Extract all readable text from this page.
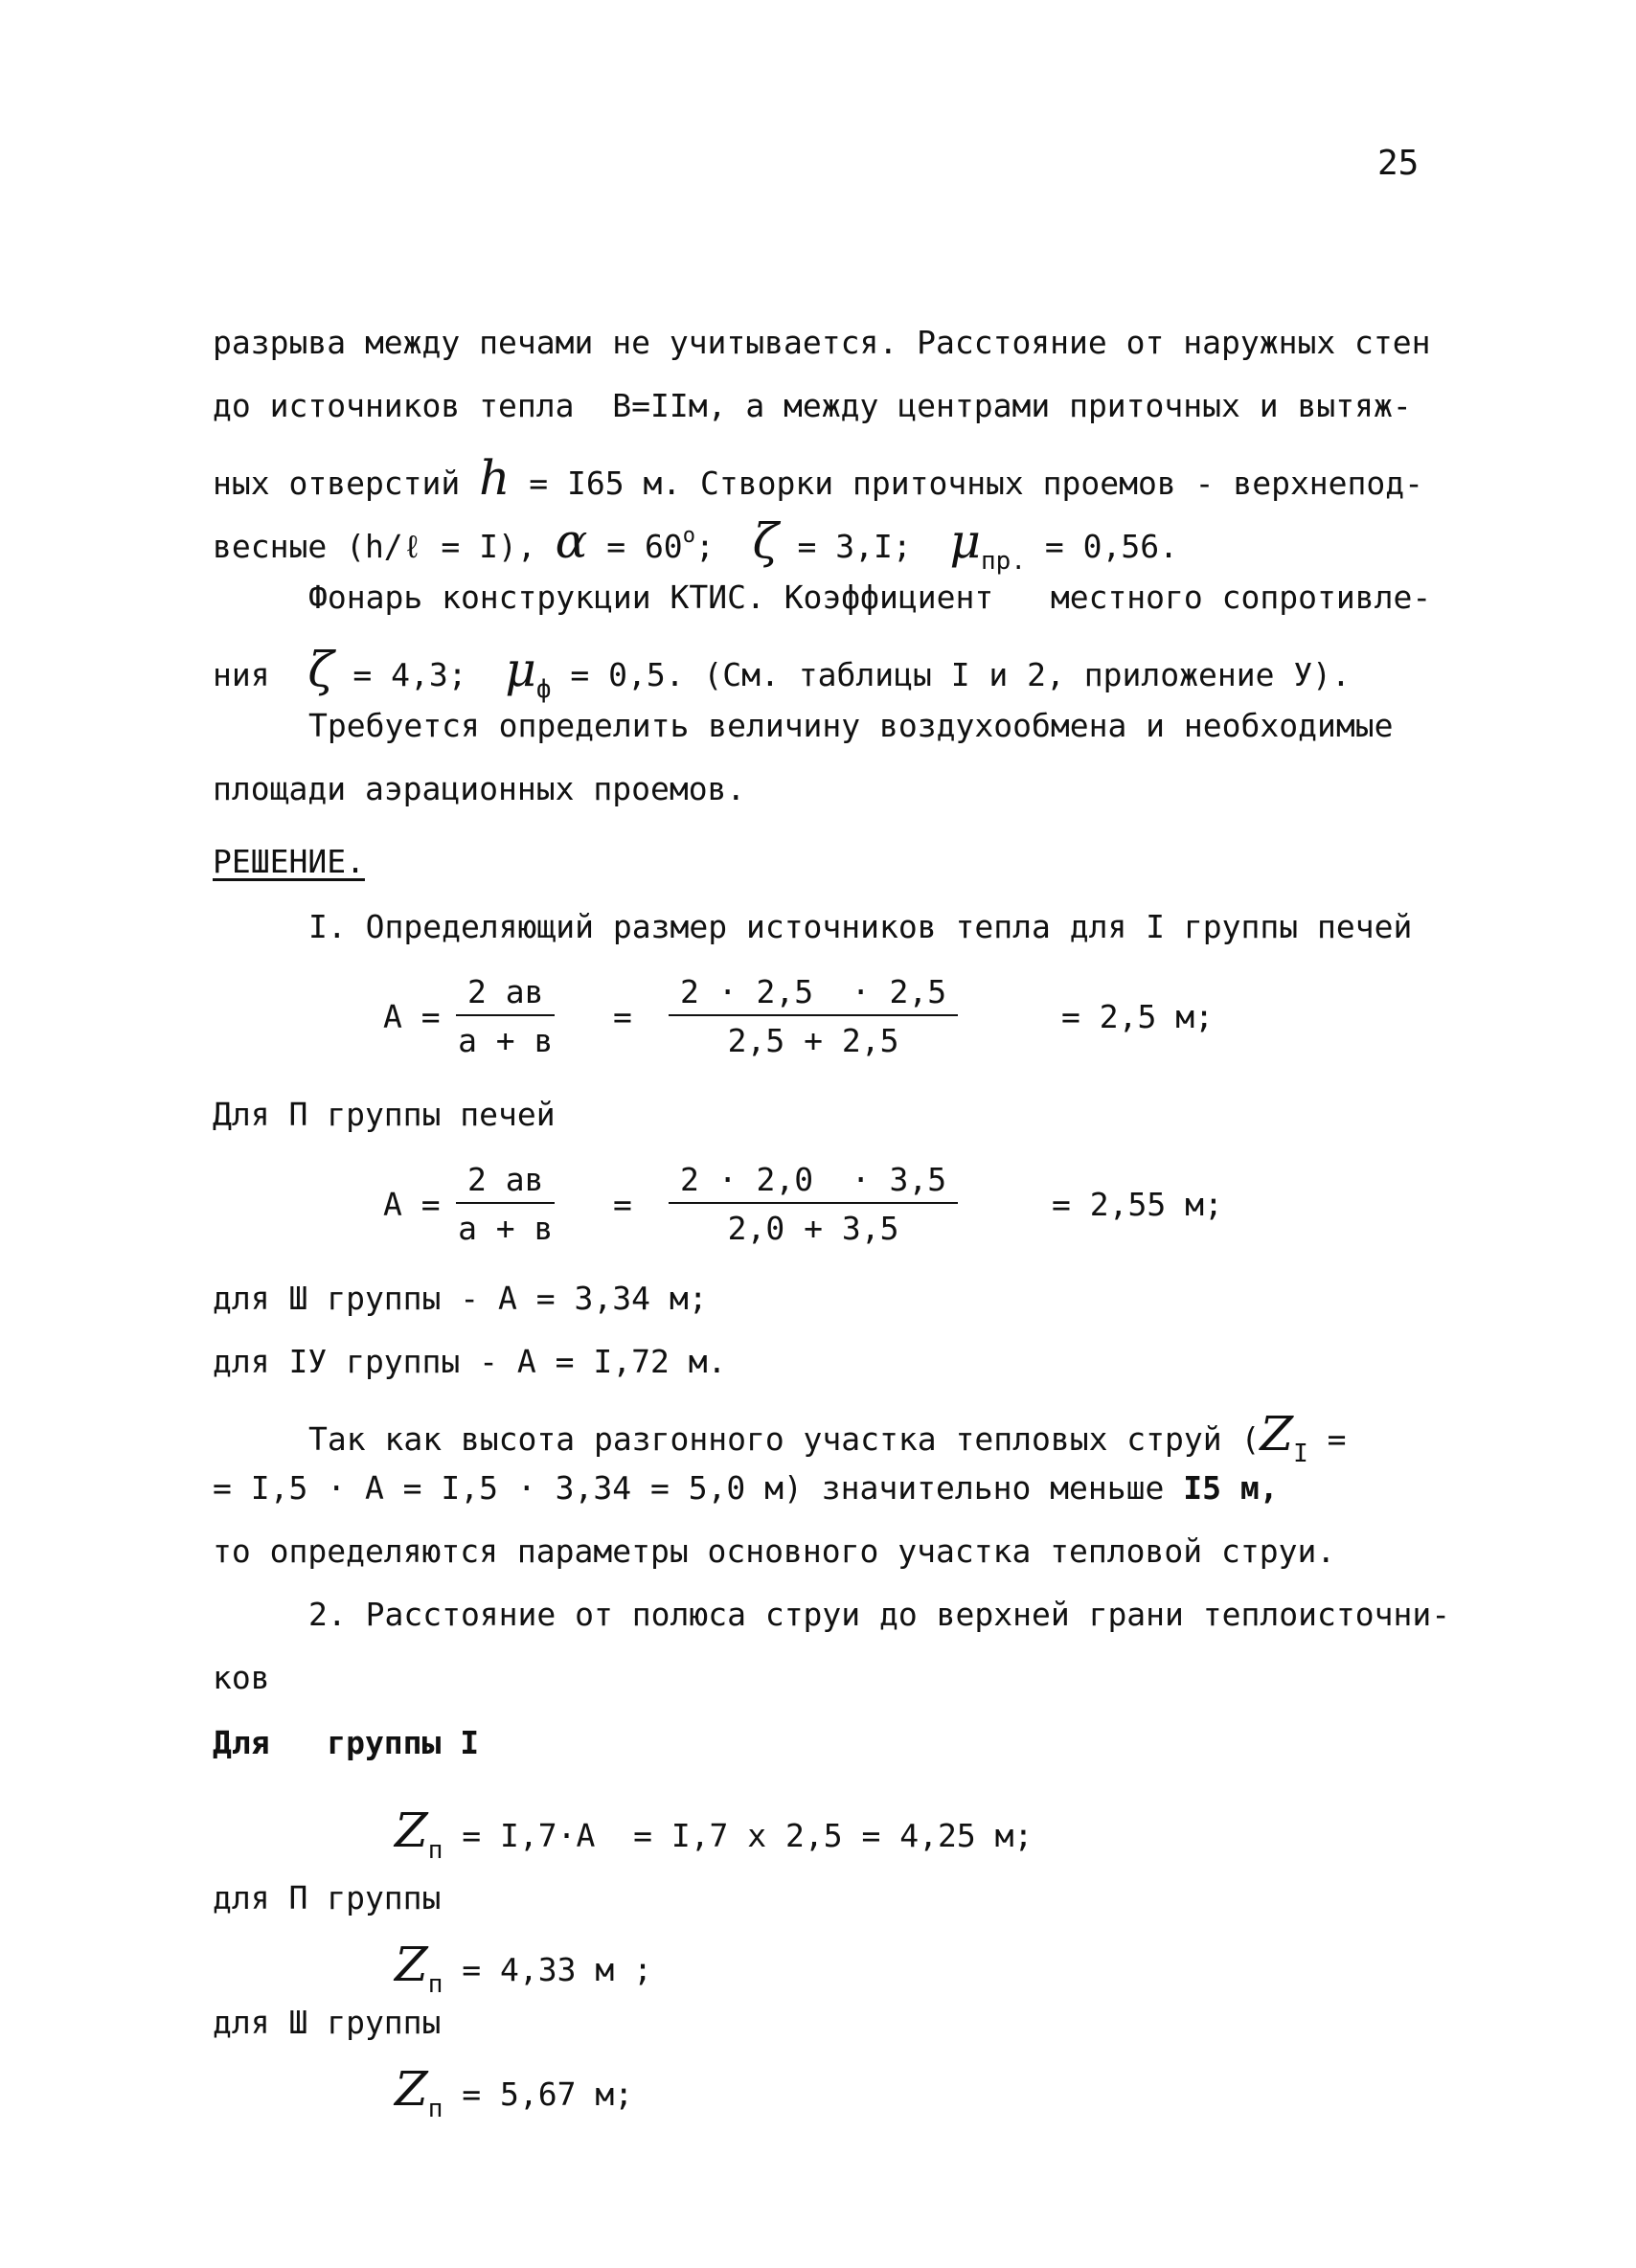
25
разрыва между печами не учитывается. Расстояние от наружных стен
до источников тепла B=IIм, а между центрами приточных и вытяж-
ных отверстий h = I65 м. Створки приточных проемов - верхнепод-
весные (h/ℓ = I), $\alpha = 60^o$; ζ = 3,I; $\mu_{пр.} = 0,56$.
Фонарь конструкции КТИС. Коэффициент   местного сопротивле-
ния ζ = 4,3; $\mu_ф = 0,5$. (См. таблицы I и 2, приложение У).
Требуется определить величину воздухообмена и необходимые
площади аэрационных проемов.
РЕШЕНИЕ.
I. Определяющий размер источников тепла для I группы печей
A =
2 ав
а + в
= $\frac{2 \cdot 2,5 \cdot 2,5}{2,5 + 2,5}$	= 2,5 м;
Для П группы печей
A =
2 ав
а + в
= $\frac{2 \cdot 2,0 \cdot 3,5}{2,0 + 3,5}$	= 2,55 м;
для Ш группы - A = 3,34 м;
для IУ группы - A = I,72 м.
Так как высота разгонного участка тепловых струй ($Z_I$ =
= I,5 · A = I,5 · 3,34 = 5,0 м) значительно меньше I5 м,
то определяются параметры основного участка тепловой струи.
2. Расстояние от полюса струи до верхней грани теплоисточни-
ков
Для   группы I
$Z_п = I,7\cdot A = I,7$ x 2,5 = 4,25 м;
для П группы
$Z_п = 4,33$ м ;
для Ш группы
$Z_п = 5,67$ м;
